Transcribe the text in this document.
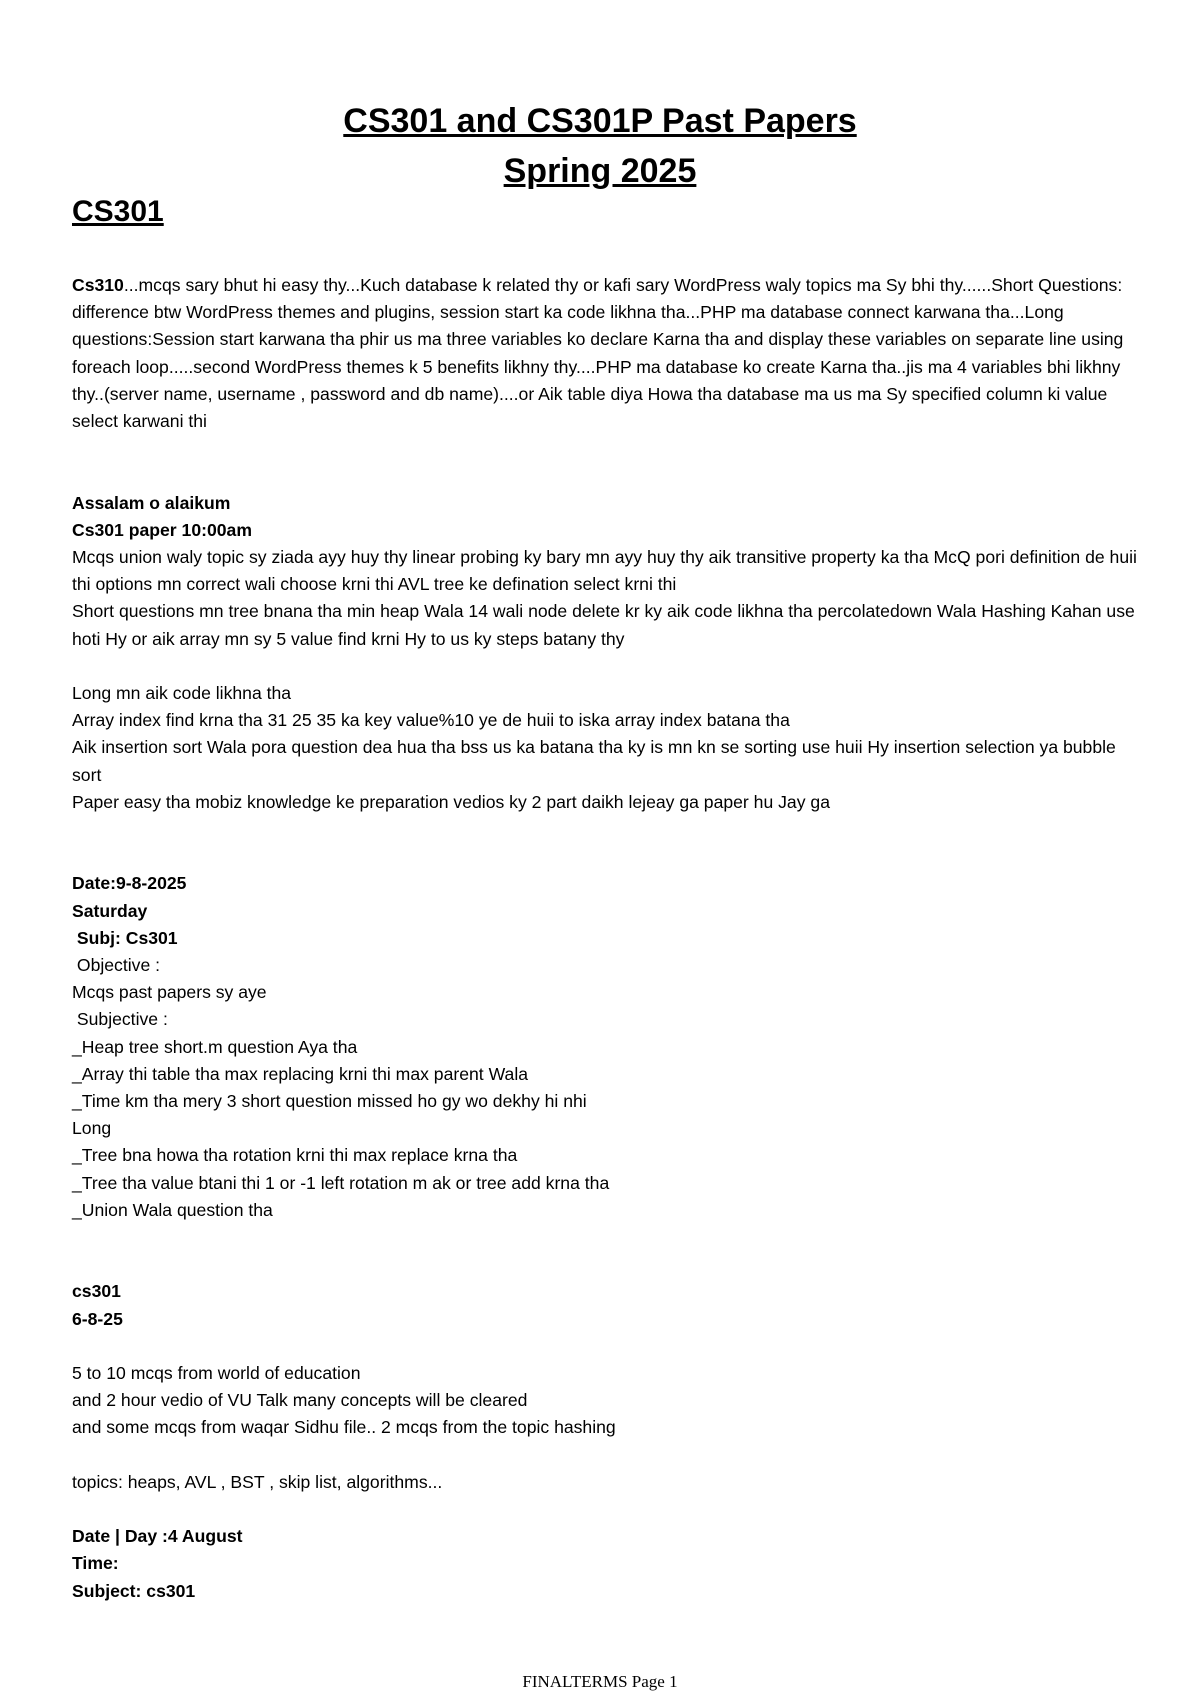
CS301 and CS301P Past Papers
Spring 2025
CS301

Cs310...mcqs sary bhut hi easy thy...Kuch database k related thy or kafi sary WordPress waly topics ma Sy bhi thy......Short Questions: difference btw WordPress themes and plugins, session start ka code likhna tha...PHP ma database connect karwana tha...Long questions:Session start karwana tha phir us ma three variables ko declare Karna tha and display these variables on separate line using foreach loop.....second WordPress themes k 5 benefits likhny thy....PHP ma database ko create Karna tha..jis ma 4 variables bhi likhny thy..(server name, username , password and db name)....or Aik table diya Howa tha database ma us ma Sy specified column ki value select karwani thi

Assalam o alaikum

Cs301 paper 10:00am

Mcqs union waly topic sy ziada ayy huy thy linear probing ky bary mn ayy huy thy aik transitive property ka tha McQ pori definition de huii thi options mn correct wali choose krni thi AVL tree ke defination select krni thi

Short questions mn tree bnana tha min heap Wala 14 wali node delete kr ky aik code likhna tha percolatedown Wala Hashing Kahan use hoti Hy or aik array mn sy 5 value find krni Hy to us ky steps batany thy

Long mn aik code likhna tha

Array index find krna tha 31 25 35 ka key value%10 ye de huii to iska array index batana tha

Aik insertion sort Wala pora question dea hua tha bss us ka batana tha ky is mn kn se sorting use huii Hy insertion selection ya bubble sort

Paper easy tha mobiz knowledge ke preparation vedios ky 2 part daikh lejeay ga paper hu Jay ga

Date:9-8-2025

Saturday

Subj: Cs301

Objective :

Mcqs past papers sy aye

Subjective :

_Heap tree short.m question Aya tha

_Array thi table tha max replacing krni thi max parent Wala

_Time km tha mery 3 short question missed ho gy wo dekhy hi nhi

Long

_Tree bna howa tha rotation krni thi max replace krna tha

_Tree tha value btani thi 1 or -1 left rotation m ak or tree add krna tha

_Union Wala question tha

cs301

6-8-25

5 to 10 mcqs from world of education

and 2 hour vedio of VU Talk many concepts will be cleared

and some mcqs from waqar Sidhu file.. 2 mcqs from the topic hashing

topics: heaps, AVL , BST , skip list, algorithms...

Date | Day :4 August

Time:

Subject: cs301

FINALTERMS Page 1
